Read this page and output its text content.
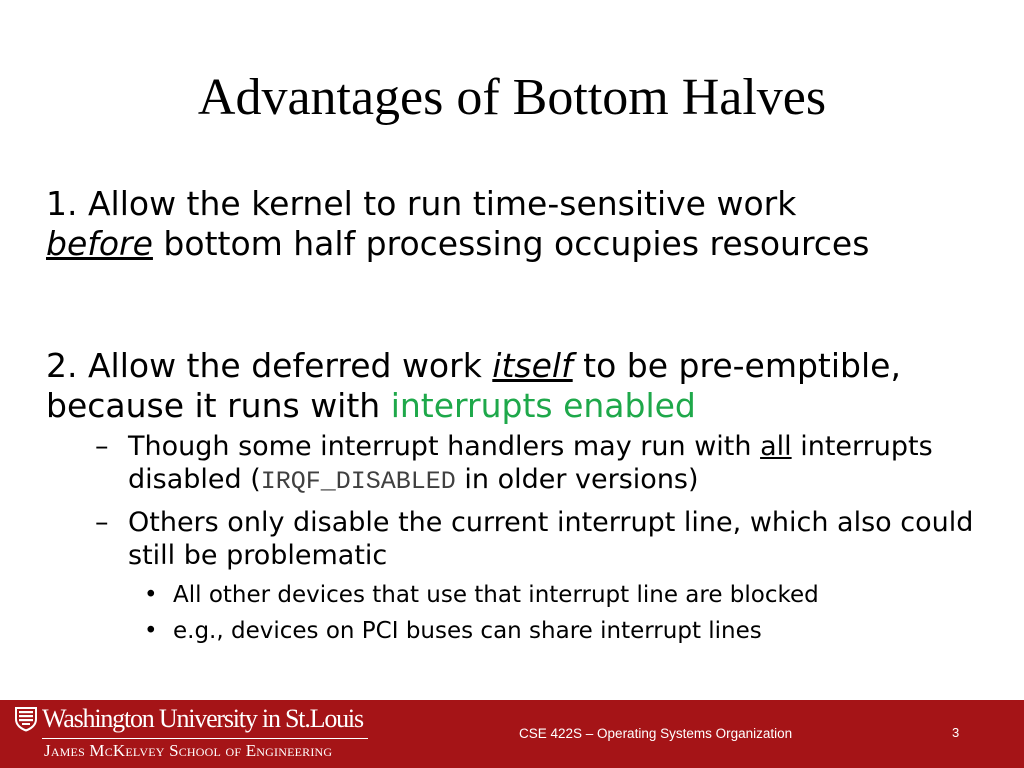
Advantages of Bottom Halves
1. Allow the kernel to run time-sensitive work
before bottom half processing occupies resources
2. Allow the deferred work itself to be pre-emptible, because it runs with interrupts enabled
– Though some interrupt handlers may run with all interrupts disabled (IRQF_DISABLED in older versions)
– Others only disable the current interrupt line, which also could still be problematic
• All other devices that use that interrupt line are blocked
• e.g., devices on PCI buses can share interrupt lines
Washington University in St.Louis
James McKelvey School of Engineering
CSE 422S – Operating Systems Organization	3
